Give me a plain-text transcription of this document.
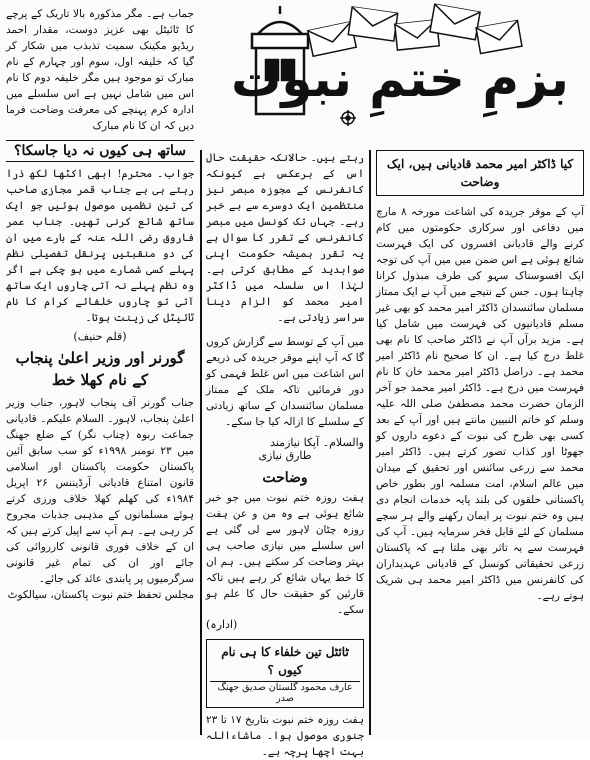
بزمِ ختمِ نبوت

جماب ہے۔ مگر مذکورہ بالا تاریک کے پرچے کا ٹائیٹل بھی عزیز دوست، مقدار احمد ریڈیو مکینک سمیت تذبذب میں شکار کر گیا کہ خلیفہ اول، سوم اور چہارم کے نام مبارک تو موجود ہیں مگر خلیفہ دوم کا نام اس میں شامل نہیں ہے اس سلسلے میں ادارہ کرم پہنچے کی معرفت وضاحت فرما دیں کہ ان کا نام مبارک

ساتھ ہی کیوں نہ دیا جاسکا؟

جواب۔ محترم! ابھی اکٹھا لکھ ذرا رہتے ہی ہے جناب قمر مجازی صاحب کی تین نظمیں موصول ہوئیں جو ایک ساتھ شائع کرنی تھیں۔ جناب عمر فاروق رضی اللہ عنہ کے بارے میں ان کی دو منقبتیں پرنقل تفصیلی نظم پہلے کسی شمارے میں ہو چکی ہے اگر وہ نظم پہلے نہ آتی چاروں ایک ساتھ آتی تو چاروں خلفائے کرام کا نام ٹائیٹل کی زینت ہوتا۔

(قلم حنیف)

گورنر اور وزیر اعلیٰ پنجاب کے نام کھلا خط

جناب گورنر آف پنجاب لاہور، جناب وزیر اعلیٰ پنجاب، لاہور۔ السلام علیکم۔ قادیانی جماعت ربوہ (چناب نگر) کے ضلع جھنگ میں ۲۳ نومبر ۱۹۹۸ء کو سب سابق آئین پاکستان حکومت پاکستان اور اسلامی قانون امتناع قادیانی آرڈیننس ۲۶ اپریل ۱۹۸۴ء کی کھلم کھلا خلاف ورزی کرتے ہوئے مسلمانوں کے مذہبی جذبات مجروح کر رہی ہے۔ ہم آپ سے اپیل کرتے ہیں کہ ان کے خلاف فوری قانونی کارروائی کی جائے اور ان کی تمام غیر قانونی سرگرمیوں پر پابندی عائد کی جائے۔

مجلس تحفظ ختم نبوت پاکستان، سیالکوٹ

رہتے ہیں۔ حالانکہ حقیقت حال اس کے برعکس ہے کیونکہ کانفرنس کے مجوزہ مبصر نیز منتظمین ایک دوسرے سے بے خبر رہے۔ جہاں تک کونسل میں مبصر کانفرنس کے تقرر کا سوال ہے یہ تقرر ہمیشہ حکومت اپنی صوابدید کے مطابق کرتی ہے۔ لہٰذا اس سلسلہ میں ڈاکٹر امیر محمد کو الزام دینا سراسر زیادتی ہے۔

میں آپ کے توسط سے گزارش کروں گا کہ آپ اپنے موقر جریدہ کی ذریعے اس اشاعت میں اس غلط فہمی کو دور فرمائیں تاکہ ملک کے ممتاز مسلمان سائنسدان کے ساتھ زیادتی کے سلسلے کا ازالہ کیا جا سکے۔

والسلام۔ آپکا نیازمند

طارق نیازی

وضاحت

ہفت روزہ ختم نبوت میں جو خبر شائع ہوئی ہے وہ من و عن ہفت روزہ چٹان لاہور سے لی گئی ہے اس سلسلے میں نیازی صاحب ہی بہتر وضاحت کر سکتے ہیں۔ ہم ان کا خط یہاں شائع کر رہے ہیں تاکہ قارئین کو حقیقت حال کا علم ہو سکے۔

(ادارہ)

ٹائٹل تین خلفاء کا ہی نام کیوں ؟

عارف محمود گلستان صدیق جھنگ صدر

ہفت روزہ ختم نبوت بتاریخ ۱۷ تا ۲۳ جنوری موصول ہوا۔ ماشاءاللہ بہت اچھا پرچہ ہے۔

کیا ڈاکٹر امیر محمد قادیانی ہیں، ایک وضاحت

آپ کے موقر جریدہ کی اشاعت مورخہ ۸ مارچ میں دفاعی اور سرکاری حکومتوں میں کام کرنے والے قادیانی افسروں کی ایک فہرست شائع ہوئی ہے اس ضمن میں میں آپ کی توجہ ایک افسوسناک سہو کی طرف مبذول کرانا چاہتا ہوں۔ جس کے نتیجے میں آپ نے ایک ممتاز مسلمان سائنسدان ڈاکٹر امیر محمد کو بھی غیر مسلم قادیانیوں کی فہرست میں شامل کیا ہے۔ مزید برآں آپ نے ڈاکٹر صاحب کا نام بھی غلط درج کیا ہے۔ ان کا صحیح نام ڈاکٹر امیر محمد ہے۔ دراصل ڈاکٹر امیر محمد خان کا نام فہرست میں درج ہے۔ ڈاکٹر امیر محمد جو آخر الزمان حضرت محمد مصطفیٰ صلی اللہ علیہ وسلم کو خاتم النبیین مانتے ہیں اور آپ کے بعد کسی بھی طرح کی نبوت کے دعوے داروں کو جھوٹا اور کذاب تصور کرتے ہیں۔ ڈاکٹر امیر محمد سے زرعی سائنس اور تحقیق کے میدان میں عالم اسلام، امت مسلمہ اور بطور خاص پاکستانی حلقوں کی بلند پایہ خدمات انجام دی ہیں وہ ختم نبوت پر ایمان رکھنے والے ہر سچے مسلمان کے لئے قابل فخر سرمایہ ہیں۔ آپ کی فہرست سے یہ تاثر بھی ملتا ہے کہ پاکستان زرعی تحقیقاتی کونسل کے قادیانی عہدیداران کی کانفرنس میں ڈاکٹر امیر محمد ہی شریک ہوتے رہے۔
